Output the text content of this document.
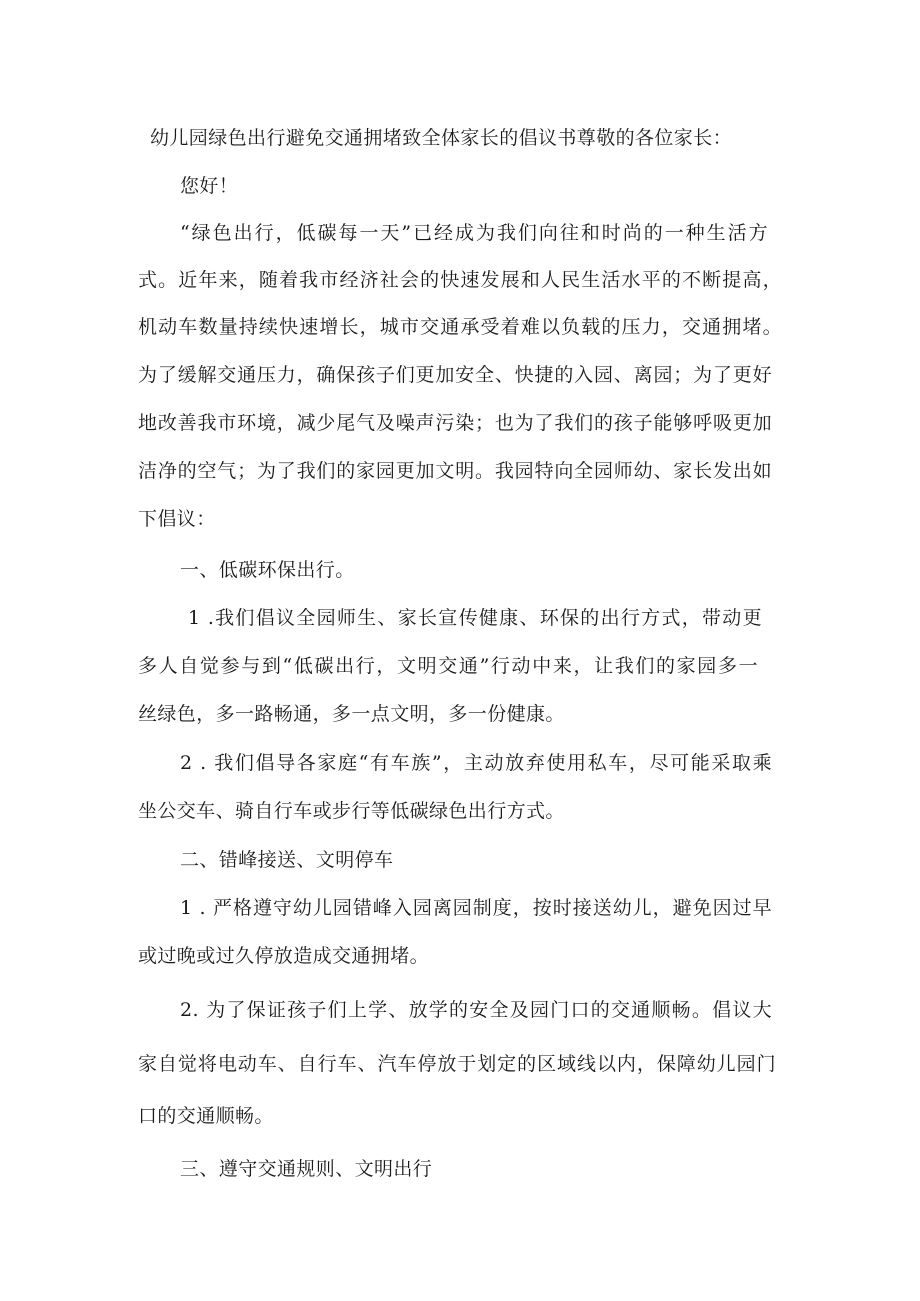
幼儿园绿色出行避免交通拥堵致全体家长的倡议书尊敬的各位家长：
您好！
“绿色出行，低碳每一天”已经成为我们向往和时尚的一种生活方
式。近年来，随着我市经济社会的快速发展和人民生活水平的不断提高，
机动车数量持续快速增长，城市交通承受着难以负载的压力，交通拥堵。
为了缓解交通压力，确保孩子们更加安全、快捷的入园、离园；为了更好
地改善我市环境，减少尾气及噪声污染；也为了我们的孩子能够呼吸更加
洁净的空气；为了我们的家园更加文明。我园特向全园师幼、家长发出如
下倡议：
一、低碳环保出行。
1 .我们倡议全园师生、家长宣传健康、环保的出行方式，带动更
多人自觉参与到“低碳出行，文明交通”行动中来，让我们的家园多一
丝绿色，多一路畅通，多一点文明，多一份健康。
2 . 我们倡导各家庭“有车族”，主动放弃使用私车，尽可能采取乘
坐公交车、骑自行车或步行等低碳绿色出行方式。
二、错峰接送、文明停车
1 . 严格遵守幼儿园错峰入园离园制度，按时接送幼儿，避免因过早
或过晚或过久停放造成交通拥堵。
2. 为了保证孩子们上学、放学的安全及园门口的交通顺畅。倡议大
家自觉将电动车、自行车、汽车停放于划定的区域线以内，保障幼儿园门
口的交通顺畅。
三、遵守交通规则、文明出行
